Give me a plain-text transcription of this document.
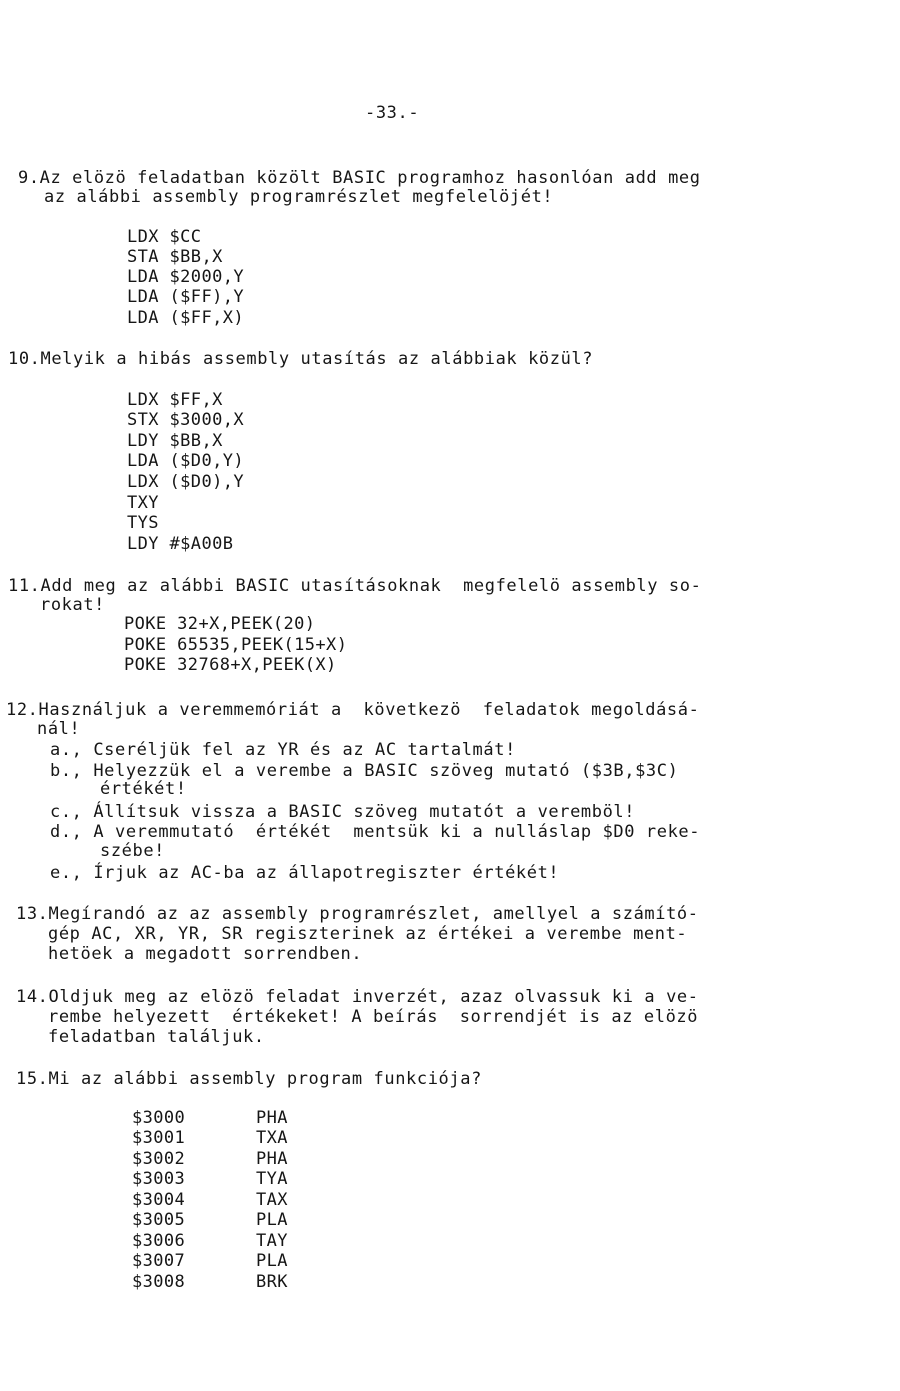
-33.-
9.Az elözö feladatban közölt BASIC programhoz hasonlóan add meg
az alábbi assembly programrészlet megfelelöjét!
LDX $CC
STA $BB,X
LDA $2000,Y
LDA ($FF),Y
LDA ($FF,X)
10.Melyik a hibás assembly utasítás az alábbiak közül?
LDX $FF,X
STX $3000,X
LDY $BB,X
LDA ($D0,Y)
LDX ($D0),Y
TXY
TYS
LDY #$A00B
11.Add meg az alábbi BASIC utasításoknak  megfelelö assembly so-
rokat!
POKE 32+X,PEEK(20)
POKE 65535,PEEK(15+X)
POKE 32768+X,PEEK(X)
12.Használjuk a veremmemóriát a  következö  feladatok megoldásá-
nál!
a., Cseréljük fel az YR és az AC tartalmát!
b., Helyezzük el a verembe a BASIC szöveg mutató ($3B,$3C)
értékét!
c., Állítsuk vissza a BASIC szöveg mutatót a veremböl!
d., A veremmutató  értékét  mentsük ki a nulláslap $D0 reke-
szébe!
e., Írjuk az AC-ba az állapotregiszter értékét!
13.Megírandó az az assembly programrészlet, amellyel a számító-
gép AC, XR, YR, SR regiszterinek az értékei a verembe ment-
hetöek a megadott sorrendben.
14.Oldjuk meg az elözö feladat inverzét, azaz olvassuk ki a ve-
rembe helyezett  értékeket! A beírás  sorrendjét is az elözö
feladatban találjuk.
15.Mi az alábbi assembly program funkciója?
$3000
$3001
$3002
$3003
$3004
$3005
$3006
$3007
$3008
PHA
TXA
PHA
TYA
TAX
PLA
TAY
PLA
BRK
